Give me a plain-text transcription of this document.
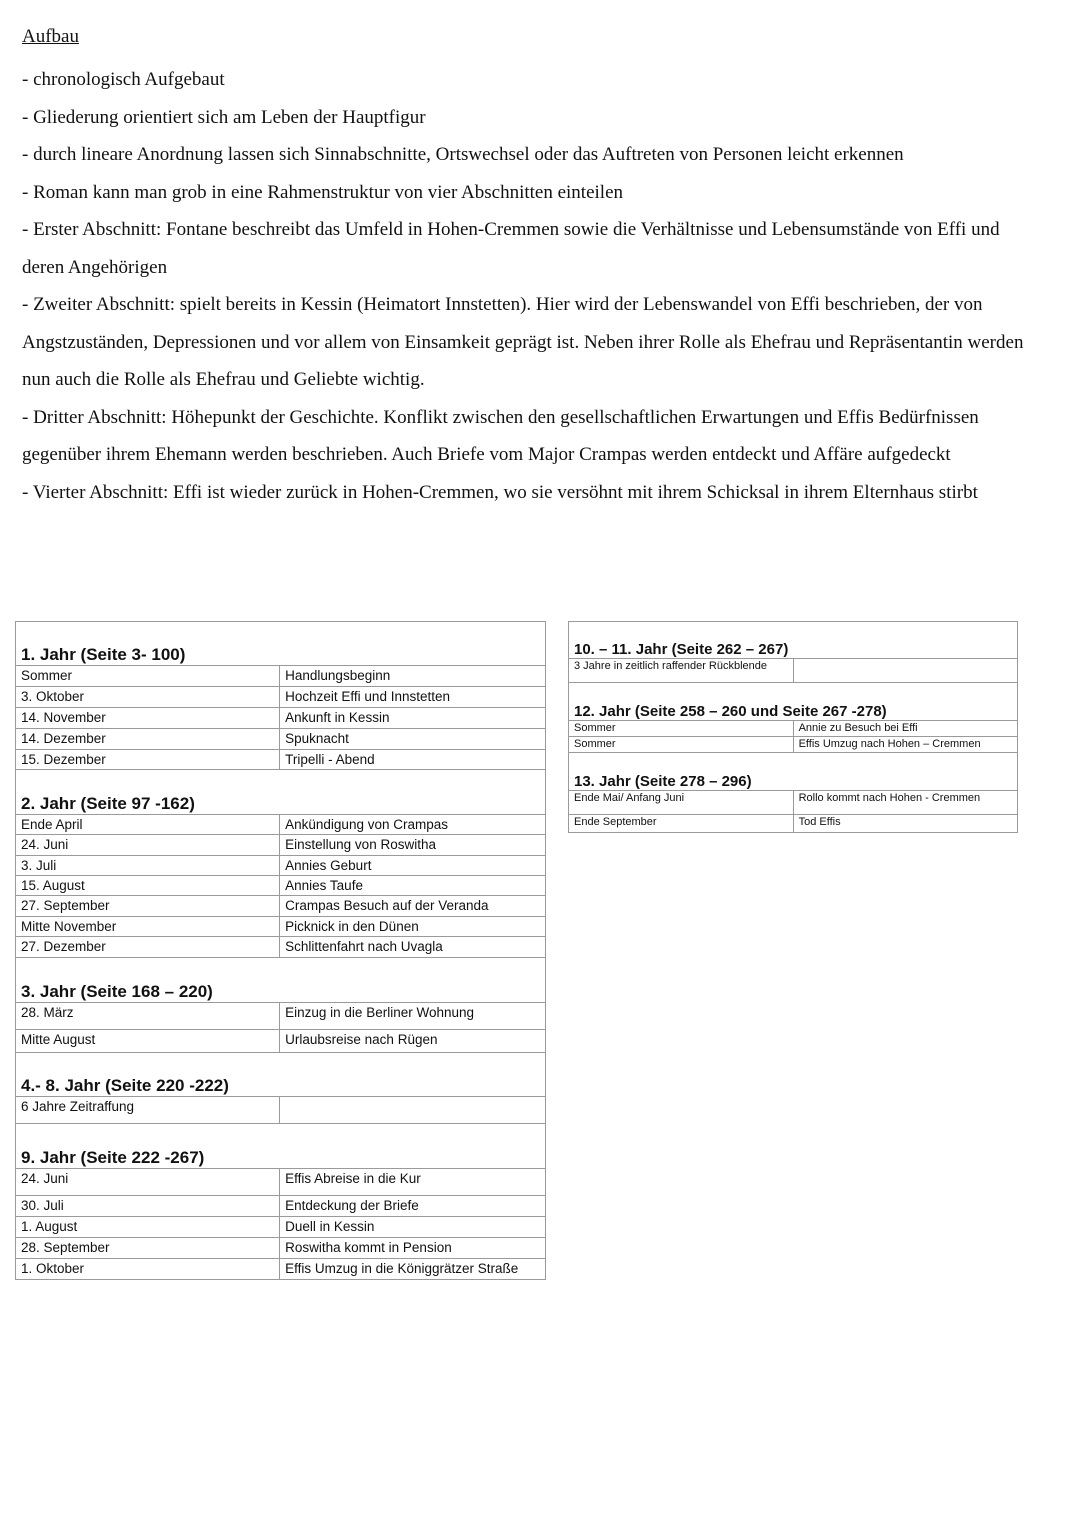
Aufbau

- chronologisch Aufgebaut

- Gliederung orientiert sich am Leben der Hauptfigur

- durch lineare Anordnung lassen sich Sinnabschnitte, Ortswechsel oder das Auftreten von Personen leicht erkennen

- Roman kann man grob in eine Rahmenstruktur von vier Abschnitten einteilen

- Erster Abschnitt: Fontane beschreibt das Umfeld in Hohen-Cremmen sowie die Verhältnisse und Lebensumstände von Effi und deren Angehörigen

- Zweiter Abschnitt: spielt bereits in Kessin (Heimatort Innstetten). Hier wird der Lebenswandel von Effi beschrieben, der von Angstzuständen, Depressionen und vor allem von Einsamkeit geprägt ist. Neben ihrer Rolle als Ehefrau und Repräsentantin werden nun auch die Rolle als Ehefrau und Geliebte wichtig.

- Dritter Abschnitt: Höhepunkt der Geschichte. Konflikt zwischen den gesellschaftlichen Erwartungen und Effis Bedürfnissen gegenüber ihrem Ehemann werden beschrieben. Auch Briefe vom Major Crampas werden entdeckt und Affäre aufgedeckt

- Vierter Abschnitt: Effi ist wieder zurück in Hohen-Cremmen, wo sie versöhnt mit ihrem Schicksal in ihrem Elternhaus stirbt

1. Jahr (Seite 3- 100)	
Sommer	Handlungsbeginn
3. Oktober	Hochzeit Effi und Innstetten
14. November	Ankunft in Kessin
14. Dezember	Spuknacht
15. Dezember	Tripelli - Abend
2. Jahr (Seite 97 -162)	
Ende April	Ankündigung von Crampas
24. Juni	Einstellung von Roswitha
3. Juli	Annies Geburt
15. August	Annies Taufe
27. September	Crampas Besuch auf der Veranda
Mitte November	Picknick in den Dünen
27. Dezember	Schlittenfahrt nach Uvagla
3. Jahr (Seite 168 – 220)	
28. März	Einzug in die Berliner Wohnung
Mitte August	Urlaubsreise nach Rügen
4.- 8. Jahr (Seite 220 -222)	
6 Jahre Zeitraffung	
9. Jahr (Seite 222 -267)	
24. Juni	Effis Abreise in die Kur
30. Juli	Entdeckung der Briefe
1. August	Duell in Kessin
28. September	Roswitha kommt in Pension
1. Oktober	Effis Umzug in die Königgrätzer Straße
10. – 11. Jahr (Seite 262 – 267)	
3 Jahre in zeitlich raffender Rückblende	
12. Jahr (Seite 258 – 260 und Seite 267 -278)	
Sommer	Annie zu Besuch bei Effi
Sommer	Effis Umzug nach Hohen – Cremmen
13. Jahr (Seite 278 – 296)	
Ende Mai/ Anfang Juni	Rollo kommt nach Hohen - Cremmen
Ende September	Tod Effis
